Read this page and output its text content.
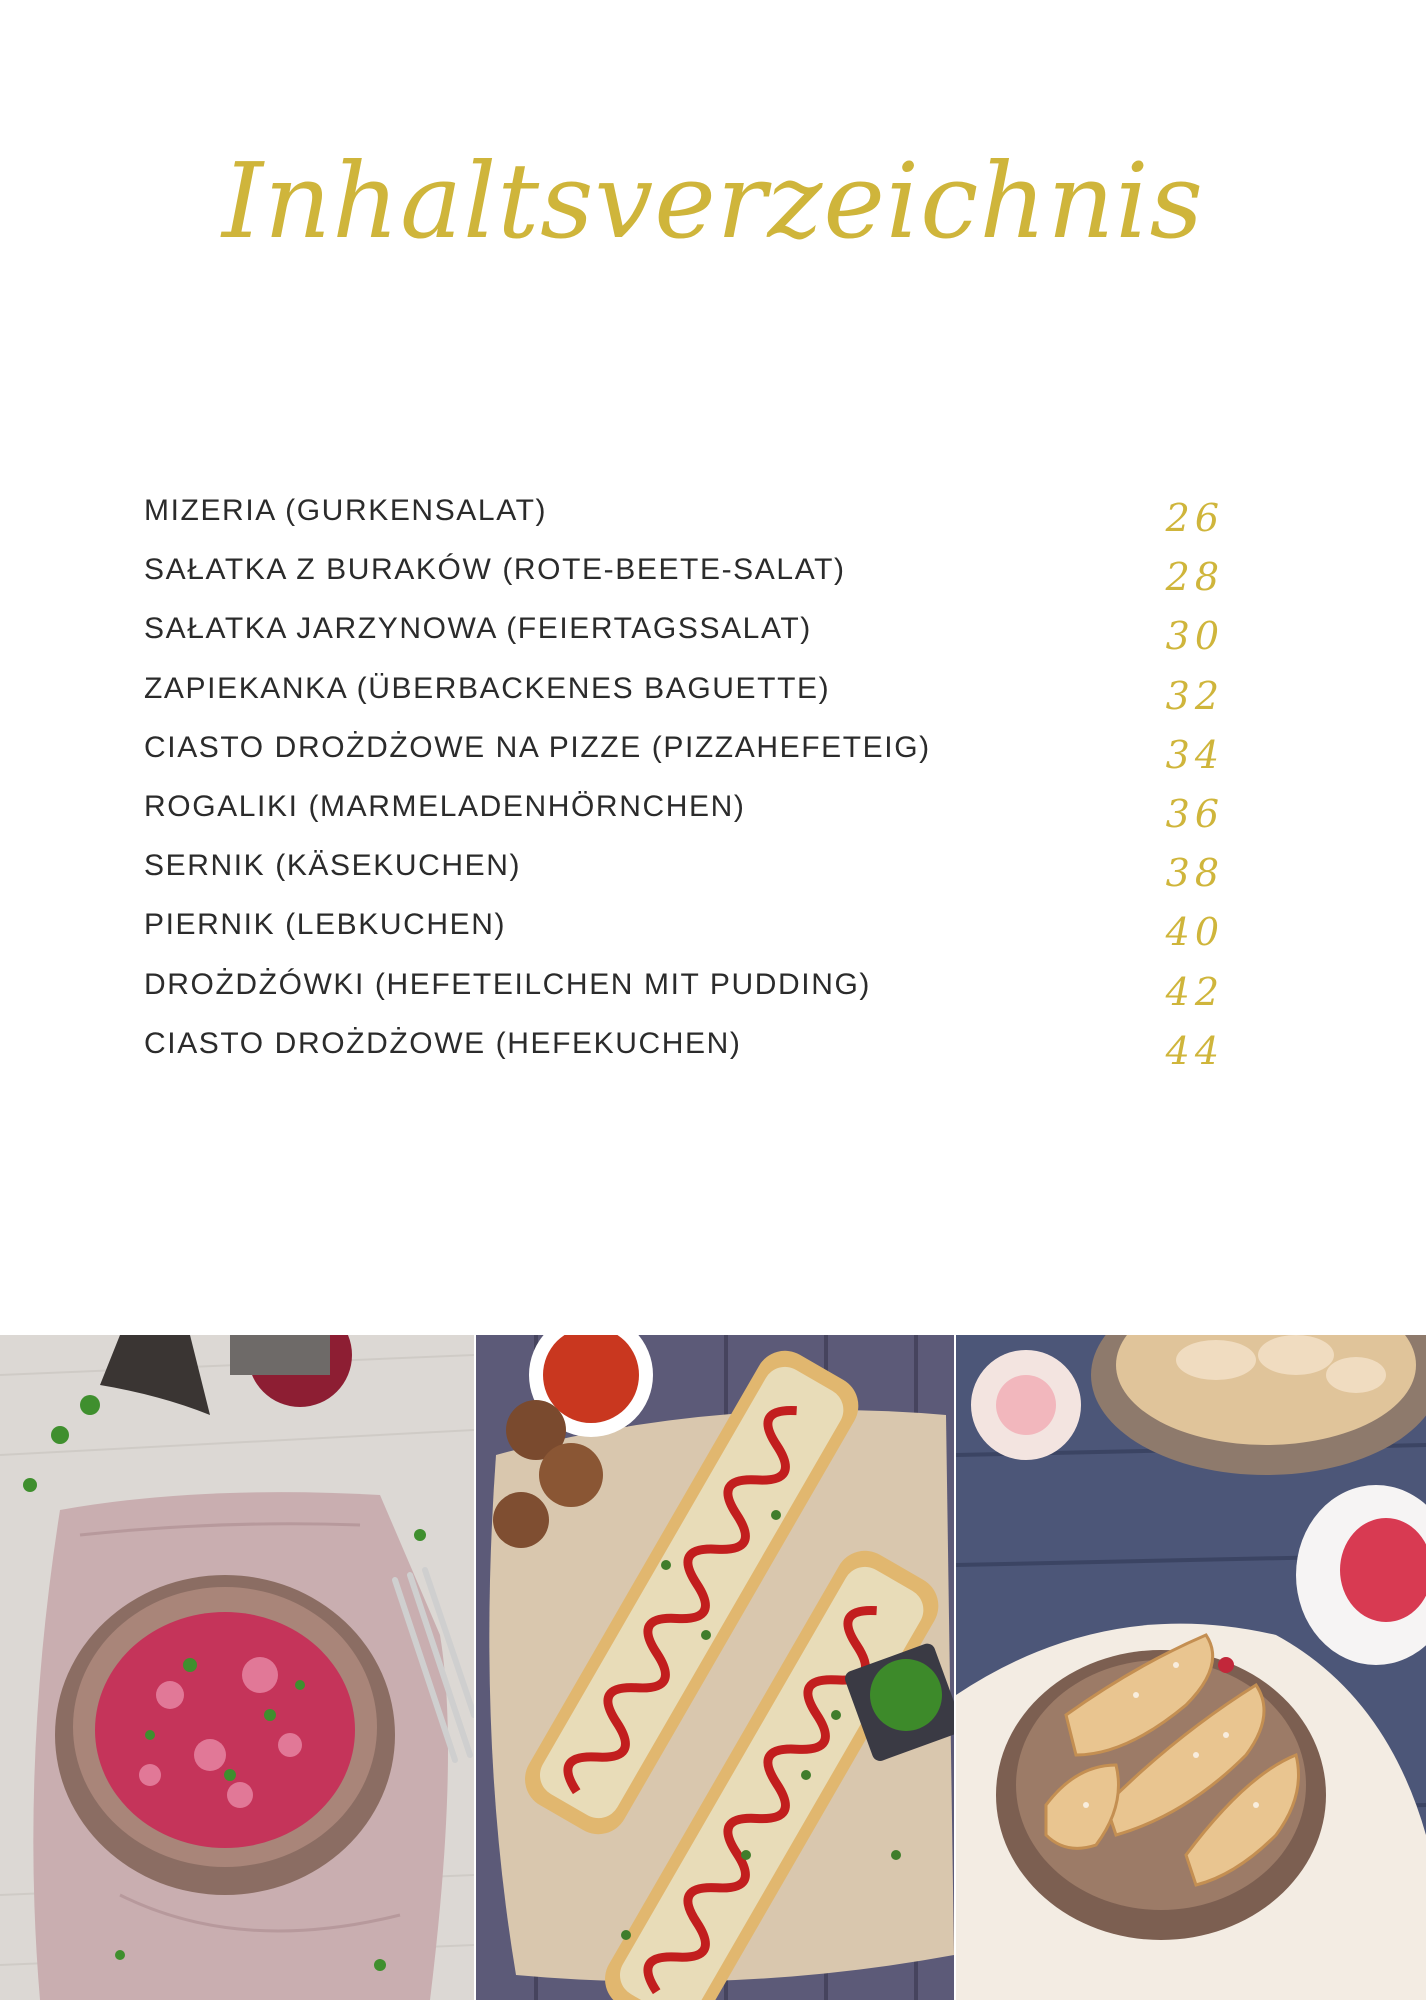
Inhaltsverzeichnis
MIZERIA (GURKENSALAT)	26
SAŁATKA Z BURAKÓW (ROTE-BEETE-SALAT)	28
SAŁATKA JARZYNOWA (FEIERTAGSSALAT)	30
ZAPIEKANKA (ÜBERBACKENES BAGUETTE)	32
CIASTO DROŻDŻOWE NA PIZZE (PIZZAHEFETEIG)	34
ROGALIKI (MARMELADENHÖRNCHEN)	36
SERNIK (KÄSEKUCHEN)	38
PIERNIK (LEBKUCHEN)	40
DROŻDŻÓWKI (HEFETEILCHEN MIT PUDDING)	42
CIASTO DROŻDŻOWE (HEFEKUCHEN)	44
